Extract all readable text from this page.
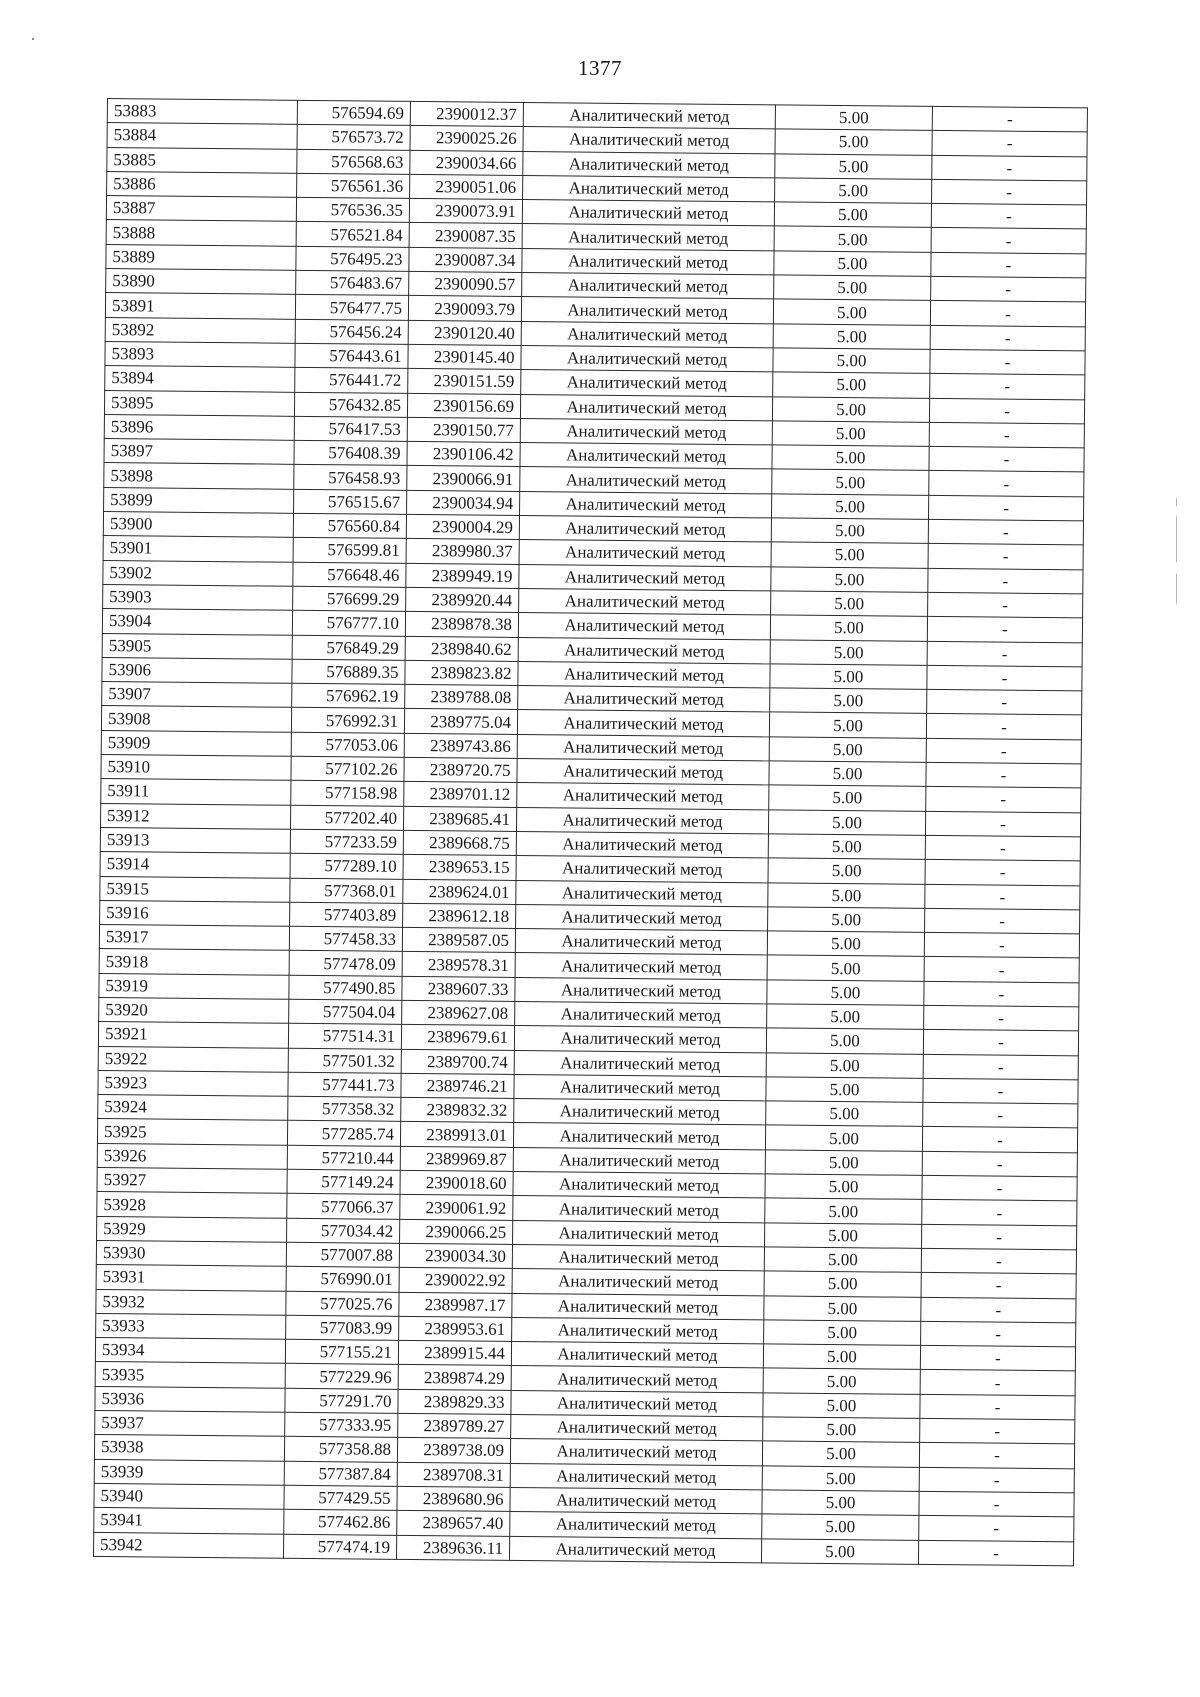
1377
53883	576594.69	2390012.37	Аналитический метод	5.00	-
53884	576573.72	2390025.26	Аналитический метод	5.00	-
53885	576568.63	2390034.66	Аналитический метод	5.00	-
53886	576561.36	2390051.06	Аналитический метод	5.00	-
53887	576536.35	2390073.91	Аналитический метод	5.00	-
53888	576521.84	2390087.35	Аналитический метод	5.00	-
53889	576495.23	2390087.34	Аналитический метод	5.00	-
53890	576483.67	2390090.57	Аналитический метод	5.00	-
53891	576477.75	2390093.79	Аналитический метод	5.00	-
53892	576456.24	2390120.40	Аналитический метод	5.00	-
53893	576443.61	2390145.40	Аналитический метод	5.00	-
53894	576441.72	2390151.59	Аналитический метод	5.00	-
53895	576432.85	2390156.69	Аналитический метод	5.00	-
53896	576417.53	2390150.77	Аналитический метод	5.00	-
53897	576408.39	2390106.42	Аналитический метод	5.00	-
53898	576458.93	2390066.91	Аналитический метод	5.00	-
53899	576515.67	2390034.94	Аналитический метод	5.00	-
53900	576560.84	2390004.29	Аналитический метод	5.00	-
53901	576599.81	2389980.37	Аналитический метод	5.00	-
53902	576648.46	2389949.19	Аналитический метод	5.00	-
53903	576699.29	2389920.44	Аналитический метод	5.00	-
53904	576777.10	2389878.38	Аналитический метод	5.00	-
53905	576849.29	2389840.62	Аналитический метод	5.00	-
53906	576889.35	2389823.82	Аналитический метод	5.00	-
53907	576962.19	2389788.08	Аналитический метод	5.00	-
53908	576992.31	2389775.04	Аналитический метод	5.00	-
53909	577053.06	2389743.86	Аналитический метод	5.00	-
53910	577102.26	2389720.75	Аналитический метод	5.00	-
53911	577158.98	2389701.12	Аналитический метод	5.00	-
53912	577202.40	2389685.41	Аналитический метод	5.00	-
53913	577233.59	2389668.75	Аналитический метод	5.00	-
53914	577289.10	2389653.15	Аналитический метод	5.00	-
53915	577368.01	2389624.01	Аналитический метод	5.00	-
53916	577403.89	2389612.18	Аналитический метод	5.00	-
53917	577458.33	2389587.05	Аналитический метод	5.00	-
53918	577478.09	2389578.31	Аналитический метод	5.00	-
53919	577490.85	2389607.33	Аналитический метод	5.00	-
53920	577504.04	2389627.08	Аналитический метод	5.00	-
53921	577514.31	2389679.61	Аналитический метод	5.00	-
53922	577501.32	2389700.74	Аналитический метод	5.00	-
53923	577441.73	2389746.21	Аналитический метод	5.00	-
53924	577358.32	2389832.32	Аналитический метод	5.00	-
53925	577285.74	2389913.01	Аналитический метод	5.00	-
53926	577210.44	2389969.87	Аналитический метод	5.00	-
53927	577149.24	2390018.60	Аналитический метод	5.00	-
53928	577066.37	2390061.92	Аналитический метод	5.00	-
53929	577034.42	2390066.25	Аналитический метод	5.00	-
53930	577007.88	2390034.30	Аналитический метод	5.00	-
53931	576990.01	2390022.92	Аналитический метод	5.00	-
53932	577025.76	2389987.17	Аналитический метод	5.00	-
53933	577083.99	2389953.61	Аналитический метод	5.00	-
53934	577155.21	2389915.44	Аналитический метод	5.00	-
53935	577229.96	2389874.29	Аналитический метод	5.00	-
53936	577291.70	2389829.33	Аналитический метод	5.00	-
53937	577333.95	2389789.27	Аналитический метод	5.00	-
53938	577358.88	2389738.09	Аналитический метод	5.00	-
53939	577387.84	2389708.31	Аналитический метод	5.00	-
53940	577429.55	2389680.96	Аналитический метод	5.00	-
53941	577462.86	2389657.40	Аналитический метод	5.00	-
53942	577474.19	2389636.11	Аналитический метод	5.00	-
